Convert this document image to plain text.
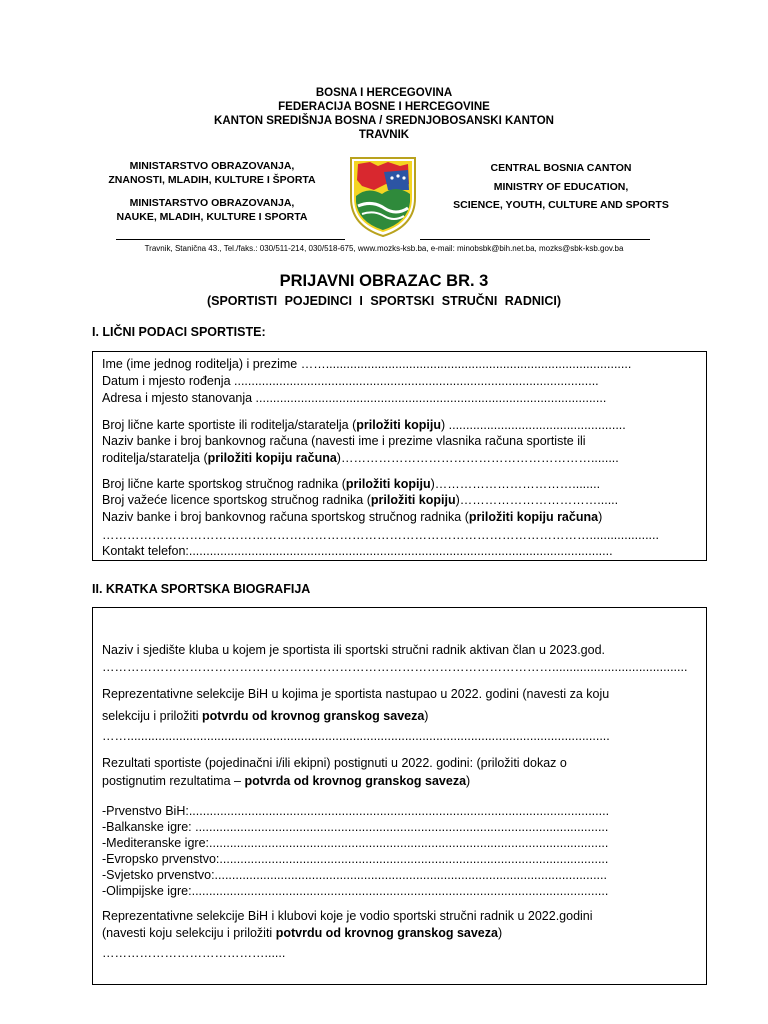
BOSNA I HERCEGOVINA
FEDERACIJA BOSNE I HERCEGOVINE
KANTON SREDIŠNJA BOSNA / SREDNJOBOSANSKI KANTON
TRAVNIK
MINISTARSTVO OBRAZOVANJA,
ZNANOSTI, MLADIH, KULTURE I ŠPORTA
MINISTARSTVO OBRAZOVANJA,
NAUKE, MLADIH, KULTURE I SPORTA
CENTRAL BOSNIA CANTON
MINISTRY OF EDUCATION,
SCIENCE, YOUTH, CULTURE AND SPORTS
Travnik, Stanična 43., Tel./faks.: 030/511-214, 030/518-675, www.mozks-ksb.ba, e-mail: minobsbk@bih.net.ba, mozks@sbk-ksb.gov.ba
PRIJAVNI OBRAZAC BR. 3
(SPORTISTI POJEDINCI I SPORTSKI STRUČNI RADNICI)
I. LIČNI PODACI SPORTISTE:
Ime (ime jednog roditelja) i prezime ……........................................................................................
Datum i mjesto rođenja .........................................................................................................
Adresa i mjesto stanovanja .....................................................................................................
Broj lične karte sportiste ili roditelja/staratelja (priložiti kopiju) ...................................................
Naziv banke i broj bankovnog računa (navesti ime i prezime vlasnika računa sportiste ili
roditelja/staratelja (priložiti kopiju računa)……………………………………………………........
Broj lične karte sportskog stručnog radnika (priložiti kopiju)……………………………........
Broj važeće licence sportskog stručnog radnika (priložiti kopiju)……………………………......
Naziv banke i broj bankovnog računa sportskog stručnog radnika (priložiti kopiju računa)
………………………………………………………………………………………………………....................
Kontakt telefon:..........................................................................................................................
II. KRATKA SPORTSKA BIOGRAFIJA
Naziv i sjedište kluba u kojem je sportista ili sportski stručni radnik aktivan član u 2023.god.
……………………………………………………………………………………………….......................................
Reprezentativne selekcije BiH u kojima je sportista nastupao u 2022. godini (navesti za koju
selekciju i priložiti potvrdu od krovnog granskog saveza)
……...........................................................................................................................................
Rezultati sportiste (pojedinačni i/ili ekipni) postignuti u 2022. godini: (priložiti dokaz o
postignutim rezultatima – potvrda od krovnog granskog saveza)
-Prvenstvo BiH:.........................................................................................................................
-Balkanske igre: .......................................................................................................................
-Mediteranske igre:...................................................................................................................
-Evropsko prvenstvo:................................................................................................................
-Svjetsko prvenstvo:.................................................................................................................
-Olimpijske igre:........................................................................................................................
Reprezentativne selekcije BiH i klubovi koje je vodio sportski stručni radnik u 2022.godini
(navesti koju selekciju i priložiti potvrdu od krovnog granskog saveza)
…………………………………......
